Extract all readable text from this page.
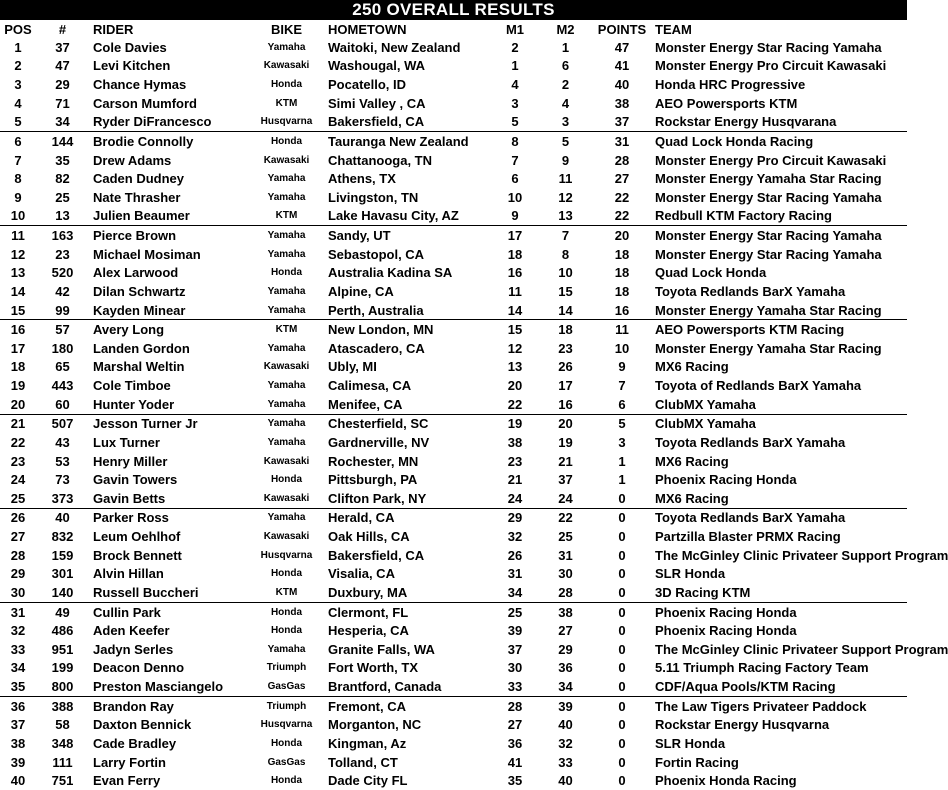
250 OVERALL RESULTS
POS	#	RIDER	BIKE	HOMETOWN	M1	M2	POINTS	TEAM
1	37	Cole Davies	Yamaha	Waitoki, New Zealand	2	1	47	Monster Energy Star Racing Yamaha
2	47	Levi Kitchen	Kawasaki	Washougal, WA	1	6	41	Monster Energy Pro Circuit Kawasaki
3	29	Chance Hymas	Honda	Pocatello, ID	4	2	40	Honda HRC Progressive
4	71	Carson Mumford	KTM	Simi Valley , CA	3	4	38	AEO Powersports KTM
5	34	Ryder DiFrancesco	Husqvarna	Bakersfield, CA	5	3	37	Rockstar Energy Husqvarana
6	144	Brodie Connolly	Honda	Tauranga New Zealand	8	5	31	Quad Lock Honda Racing
7	35	Drew Adams	Kawasaki	Chattanooga, TN	7	9	28	Monster Energy Pro Circuit Kawasaki
8	82	Caden Dudney	Yamaha	Athens, TX	6	11	27	Monster Energy Yamaha Star Racing
9	25	Nate Thrasher	Yamaha	Livingston, TN	10	12	22	Monster Energy Star Racing Yamaha
10	13	Julien Beaumer	KTM	Lake Havasu City, AZ	9	13	22	Redbull KTM Factory Racing
11	163	Pierce Brown	Yamaha	Sandy, UT	17	7	20	Monster Energy Star Racing Yamaha
12	23	Michael Mosiman	Yamaha	Sebastopol, CA	18	8	18	Monster Energy Star Racing Yamaha
13	520	Alex Larwood	Honda	Australia Kadina SA	16	10	18	Quad Lock Honda
14	42	Dilan Schwartz	Yamaha	Alpine, CA	11	15	18	Toyota Redlands BarX Yamaha
15	99	Kayden Minear	Yamaha	Perth, Australia	14	14	16	Monster Energy Yamaha Star Racing
16	57	Avery Long	KTM	New London, MN	15	18	11	AEO Powersports KTM Racing
17	180	Landen Gordon	Yamaha	Atascadero, CA	12	23	10	Monster Energy Yamaha Star Racing
18	65	Marshal Weltin	Kawasaki	Ubly, MI	13	26	9	MX6 Racing
19	443	Cole Timboe	Yamaha	Calimesa, CA	20	17	7	Toyota of Redlands BarX Yamaha
20	60	Hunter Yoder	Yamaha	Menifee, CA	22	16	6	ClubMX Yamaha
21	507	Jesson Turner Jr	Yamaha	Chesterfield, SC	19	20	5	ClubMX Yamaha
22	43	Lux Turner	Yamaha	Gardnerville, NV	38	19	3	Toyota Redlands BarX Yamaha
23	53	Henry Miller	Kawasaki	Rochester, MN	23	21	1	MX6 Racing
24	73	Gavin Towers	Honda	Pittsburgh, PA	21	37	1	Phoenix Racing Honda
25	373	Gavin Betts	Kawasaki	Clifton Park, NY	24	24	0	MX6 Racing
26	40	Parker Ross	Yamaha	Herald, CA	29	22	0	Toyota Redlands BarX Yamaha
27	832	Leum Oehlhof	Kawasaki	Oak Hills, CA	32	25	0	Partzilla Blaster PRMX Racing
28	159	Brock Bennett	Husqvarna	Bakersfield, CA	26	31	0	The McGinley Clinic Privateer Support Program
29	301	Alvin Hillan	Honda	Visalia, CA	31	30	0	SLR Honda
30	140	Russell Buccheri	KTM	Duxbury, MA	34	28	0	3D Racing KTM
31	49	Cullin Park	Honda	Clermont, FL	25	38	0	Phoenix Racing Honda
32	486	Aden Keefer	Honda	Hesperia, CA	39	27	0	Phoenix Racing Honda
33	951	Jadyn Serles	Yamaha	Granite Falls, WA	37	29	0	The McGinley Clinic Privateer Support Program
34	199	Deacon Denno	Triumph	Fort Worth, TX	30	36	0	5.11 Triumph Racing Factory Team
35	800	Preston Masciangelo	GasGas	Brantford, Canada	33	34	0	CDF/Aqua Pools/KTM Racing
36	388	Brandon Ray	Triumph	Fremont, CA	28	39	0	The Law Tigers Privateer Paddock
37	58	Daxton Bennick	Husqvarna	Morganton, NC	27	40	0	Rockstar Energy Husqvarna
38	348	Cade Bradley	Honda	Kingman, Az	36	32	0	SLR Honda
39	111	Larry Fortin	GasGas	Tolland, CT	41	33	0	Fortin Racing
40	751	Evan Ferry	Honda	Dade City FL	35	40	0	Phoenix Honda Racing
